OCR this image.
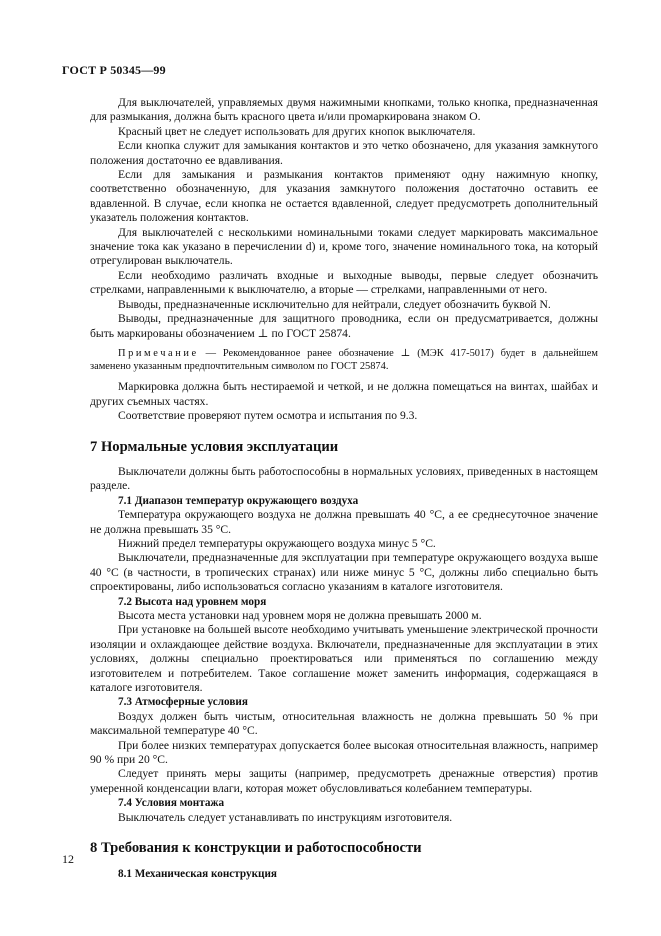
ГОСТ Р 50345—99

Для выключателей, управляемых двумя нажимными кнопками, только кнопка, предназначенная для размыкания, должна быть красного цвета и/или промаркирована знаком О.

Красный цвет не следует использовать для других кнопок выключателя.

Если кнопка служит для замыкания контактов и это четко обозначено, для указания замкнутого положения достаточно ее вдавливания.

Если для замыкания и размыкания контактов применяют одну нажимную кнопку, соответственно обозначенную, для указания замкнутого положения достаточно оставить ее вдавленной. В случае, если кнопка не остается вдавленной, следует предусмотреть дополнительный указатель положения контактов.

Для выключателей с несколькими номинальными токами следует маркировать максимальное значение тока как указано в перечислении d) и, кроме того, значение номинального тока, на который отрегулирован выключатель.

Если необходимо различать входные и выходные выводы, первые следует обозначить стрелками, направленными к выключателю, а вторые — стрелками, направленными от него.

Выводы, предназначенные исключительно для нейтрали, следует обозначить буквой N.

Выводы, предназначенные для защитного проводника, если он предусматривается, должны быть маркированы обозначением ⊥ по ГОСТ 25874.

Примечание — Рекомендованное ранее обозначение ⊥ (МЭК 417-5017) будет в дальнейшем заменено указанным предпочтительным символом по ГОСТ 25874.

Маркировка должна быть нестираемой и четкой, и не должна помещаться на винтах, шайбах и других съемных частях.

Соответствие проверяют путем осмотра и испытания по 9.3.

7 Нормальные условия эксплуатации

Выключатели должны быть работоспособны в нормальных условиях, приведенных в настоящем разделе.

7.1 Диапазон температур окружающего воздуха

Температура окружающего воздуха не должна превышать 40 °С, а ее среднесуточное значение не должна превышать 35 °С.

Нижний предел температуры окружающего воздуха минус 5 °С.

Выключатели, предназначенные для эксплуатации при температуре окружающего воздуха выше 40 °С (в частности, в тропических странах) или ниже минус 5 °С, должны либо специально быть спроектированы, либо использоваться согласно указаниям в каталоге изготовителя.

7.2 Высота над уровнем моря

Высота места установки над уровнем моря не должна превышать 2000 м.

При установке на большей высоте необходимо учитывать уменьшение электрической прочности изоляции и охлаждающее действие воздуха. Включатели, предназначенные для эксплуатации в этих условиях, должны специально проектироваться или применяться по соглашению между изготовителем и потребителем. Такое соглашение может заменить информация, содержащаяся в каталоге изготовителя.

7.3 Атмосферные условия

Воздух должен быть чистым, относительная влажность не должна превышать 50 % при максимальной температуре 40 °С.

При более низких температурах допускается более высокая относительная влажность, например 90 % при 20 °С.

Следует принять меры защиты (например, предусмотреть дренажные отверстия) против умеренной конденсации влаги, которая может обусловливаться колебанием температуры.

7.4 Условия монтажа

Выключатель следует устанавливать по инструкциям изготовителя.

8 Требования к конструкции и работоспособности
8.1 Механическая конструкция
12
